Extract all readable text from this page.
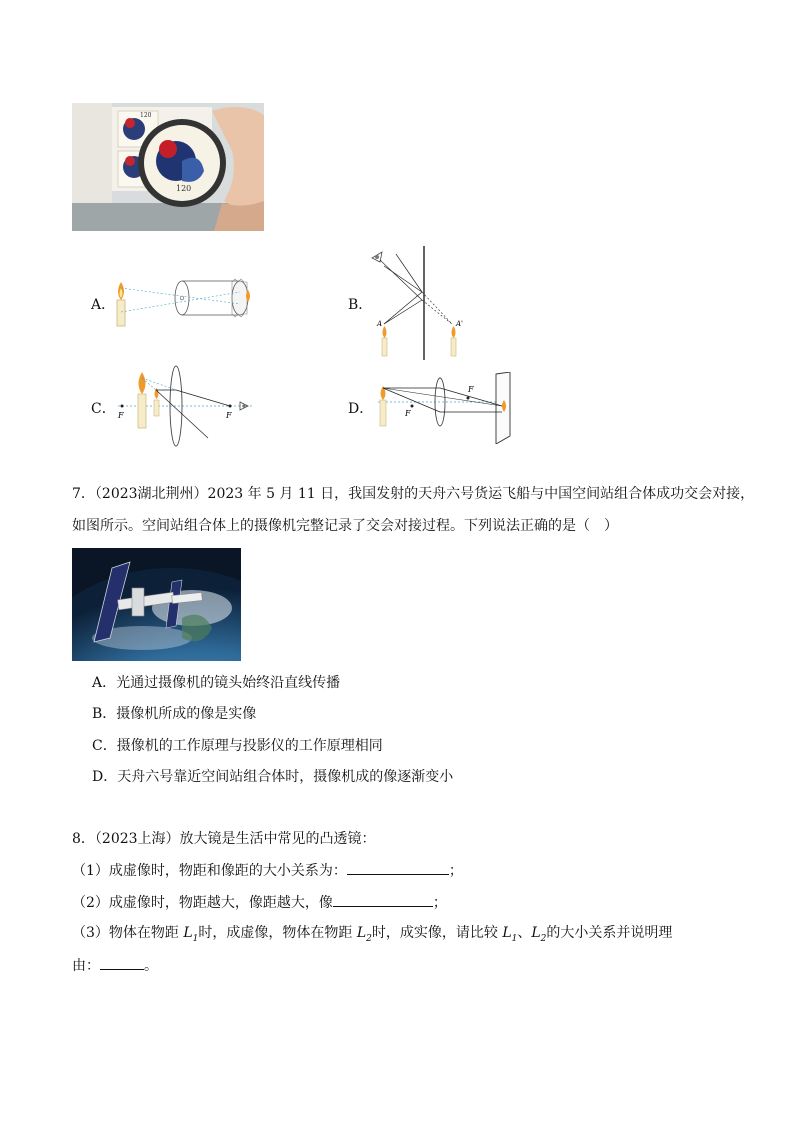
120
120
A．	B．
A	A'
C． F	F	D．
F
F
7．（2023湖北荆州）2023 年 5 月 11 日，我国发射的天舟六号货运飞船与中国空间站组合体成功交会对接，
如图所示。空间站组合体上的摄像机完整记录了交会对接过程。下列说法正确的是（　）
A．光通过摄像机的镜头始终沿直线传播
B．摄像机所成的像是实像
C．摄像机的工作原理与投影仪的工作原理相同
D．天舟六号靠近空间站组合体时，摄像机成的像逐渐变小
8．（2023上海）放大镜是生活中常见的凸透镜：
（1）成虚像时，物距和像距的大小关系为：	；
（2）成虚像时，物距越大，像距越大，像	；
（3）物体在物距 $L_1$时，成虚像，物体在物距 $L_2$时，成实像，请比较 $L_1$、$L_2$的大小关系并说明理
由：	。
